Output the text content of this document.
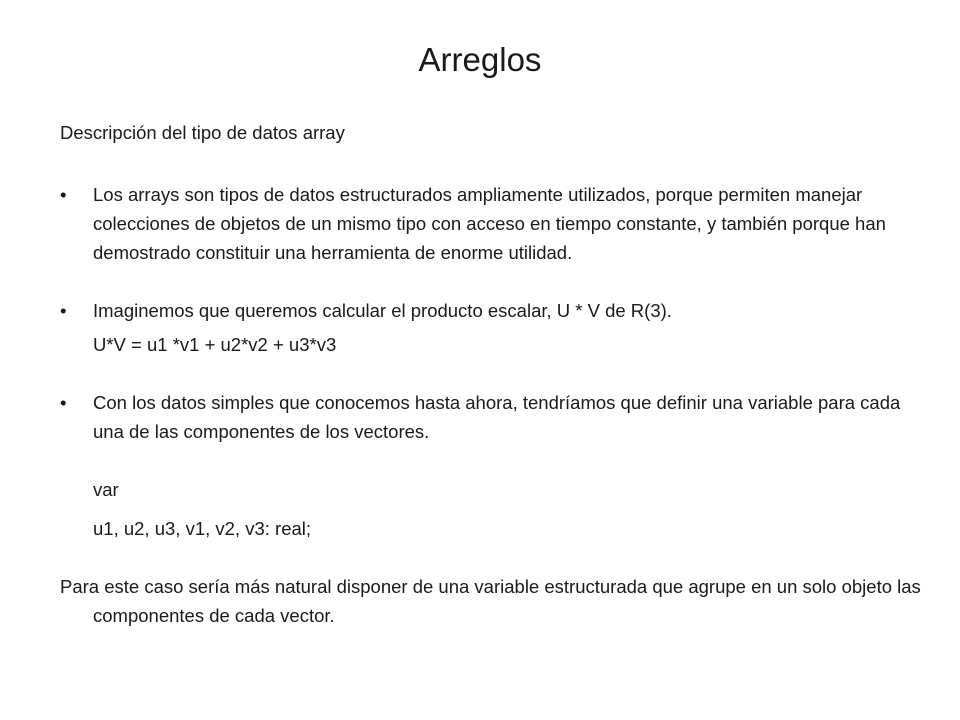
Arreglos

Descripción del tipo de datos array

•	Los arrays son tipos de datos estructurados ampliamente utilizados, porque permiten manejar colecciones de objetos de un mismo tipo con acceso en tiempo constante, y también porque han demostrado constituir una herramienta de enorme utilidad.

•	Imaginemos que queremos calcular el producto escalar, U * V de R(3).

U*V = u1 *v1 + u2*v2 + u3*v3

•	Con los datos simples que conocemos hasta ahora, tendríamos que definir una variable para cada una de las componentes de los vectores.

var

u1, u2, u3, v1, v2, v3: real;

Para este caso sería más natural disponer de una variable estructurada que agrupe en un solo objeto las componentes de cada vector.
